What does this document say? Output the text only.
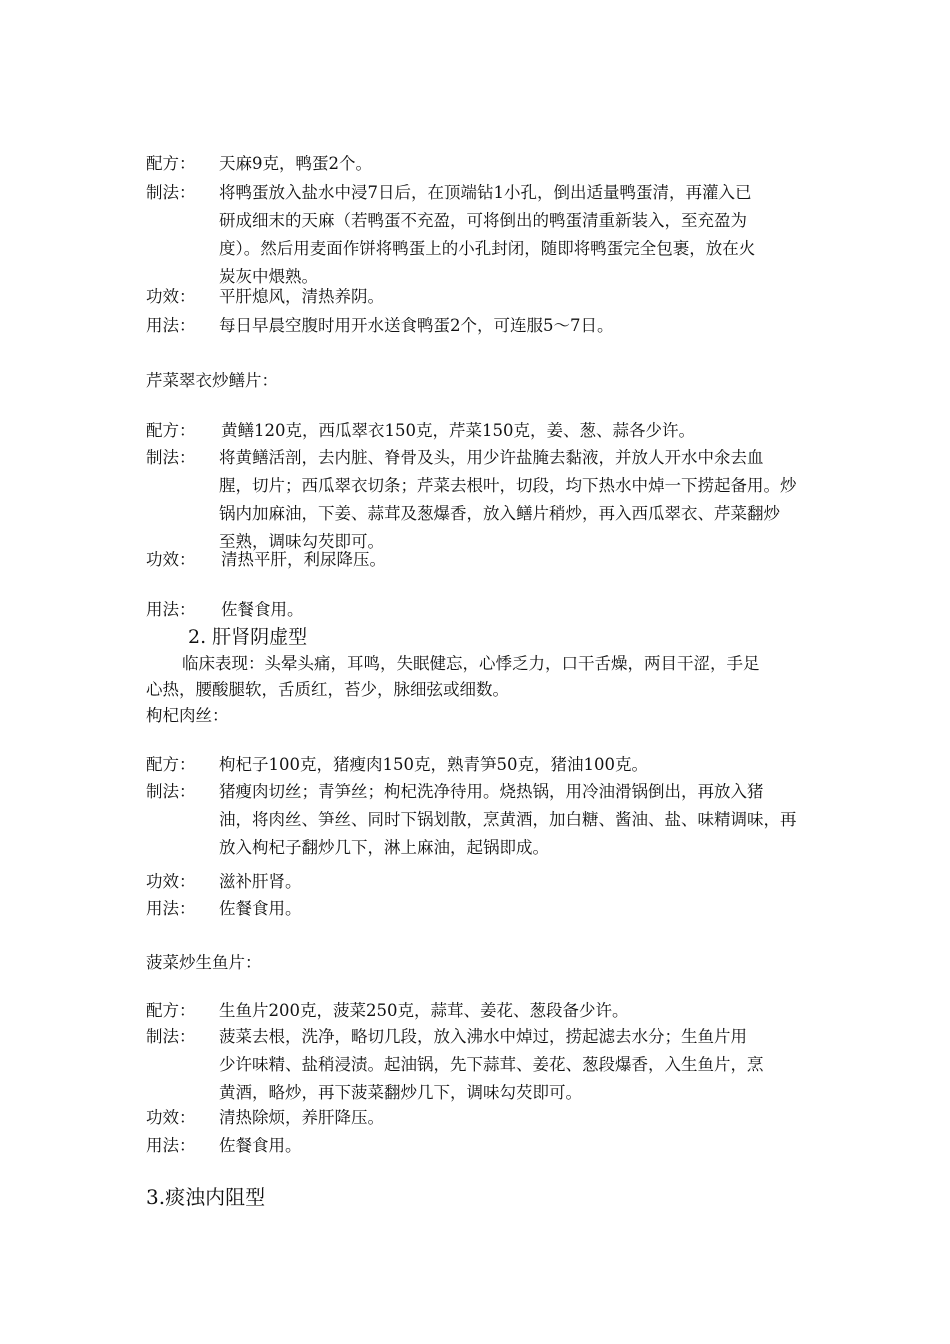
配方： 天麻9克，鸭蛋2个。
制法： 将鸭蛋放入盐水中浸7日后，在顶端钻1小孔，倒出适量鸭蛋清，再灌入已
研成细末的天麻（若鸭蛋不充盈，可将倒出的鸭蛋清重新装入，至充盈为
度）。然后用麦面作饼将鸭蛋上的小孔封闭，随即将鸭蛋完全包裹，放在火
炭灰中煨熟。
功效： 平肝熄风，清热养阴。
用法： 每日早晨空腹时用开水送食鸭蛋2个，可连服5～7日。
芹菜翠衣炒鳝片：
配方： 黄鳝120克，西瓜翠衣150克，芹菜150克，姜、葱、蒜各少许。
制法： 将黄鳝活剖，去内脏、脊骨及头，用少许盐腌去黏液，并放人开水中氽去血
腥，切片；西瓜翠衣切条；芹菜去根叶，切段，均下热水中焯一下捞起备用。炒
锅内加麻油，下姜、蒜茸及葱爆香，放入鳝片稍炒，再入西瓜翠衣、芹菜翻炒
至熟，调味勾芡即可。
功效： 清热平肝，利尿降压。
用法： 佐餐食用。
2. 肝肾阴虚型
临床表现：头晕头痛，耳鸣，失眠健忘，心悸乏力，口干舌燥，两目干涩，手足
心热，腰酸腿软，舌质红，苔少，脉细弦或细数。
枸杞肉丝：
配方： 枸杞子100克，猪瘦肉150克，熟青笋50克，猪油100克。
制法： 猪瘦肉切丝；青笋丝；枸杞洗净待用。烧热锅，用冷油滑锅倒出，再放入猪
油，将肉丝、笋丝、同时下锅划散，烹黄酒，加白糖、酱油、盐、味精调味，再
放入枸杞子翻炒几下，淋上麻油，起锅即成。
功效： 滋补肝肾。
用法： 佐餐食用。
菠菜炒生鱼片：
配方： 生鱼片200克，菠菜250克，蒜茸、姜花、葱段备少许。
制法： 菠菜去根，洗净，略切几段，放入沸水中焯过，捞起滤去水分；生鱼片用
少许味精、盐稍浸渍。起油锅，先下蒜茸、姜花、葱段爆香，入生鱼片，烹
黄酒，略炒，再下菠菜翻炒几下，调味勾芡即可。
功效： 清热除烦，养肝降压。
用法： 佐餐食用。
3.痰浊内阻型
